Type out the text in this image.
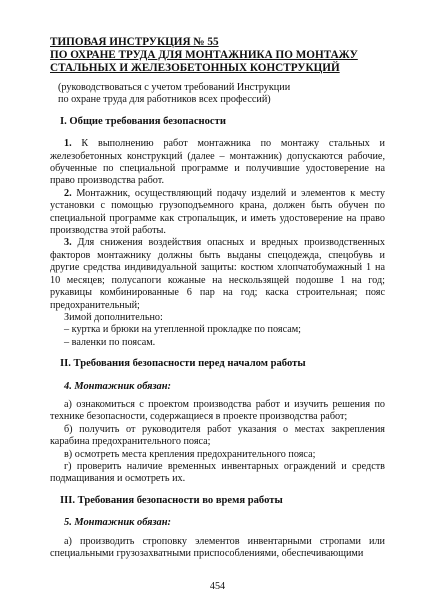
ТИПОВАЯ ИНСТРУКЦИЯ № 55
ПО ОХРАНЕ ТРУДА ДЛЯ МОНТАЖНИКА ПО МОНТАЖУ
СТАЛЬНЫХ И ЖЕЛЕЗОБЕТОННЫХ КОНСТРУКЦИЙ
(руководствоваться с учетом требований Инструкции
по охране труда для работников всех профессий)
I. Общие требования безопасности

1. К выполнению работ монтажника по монтажу стальных и железобетонных конструкций (далее – монтажник) допускаются рабочие, обученные по специальной программе и получившие удостоверение на право производства работ.

2. Монтажник, осуществляющий подачу изделий и элементов к месту установки с помощью грузоподъемного крана, должен быть обучен по специальной программе как стропальщик, и иметь удостоверение на право производства этой работы.

3. Для снижения воздействия опасных и вредных производственных факторов монтажнику должны быть выданы спецодежда, спецобувь и другие средства индивидуальной защиты: костюм хлопчатобумажный 1 на 10 месяцев; полусапоги кожаные на нескользящей подошве 1 на год; рукавицы комбинированные 6 пар на год; каска строительная; пояс предохранительный;

Зимой дополнительно:
– куртка и брюки на утепленной прокладке по поясам;
– валенки по поясам.
II. Требования безопасности перед началом работы
4. Монтажник обязан:

а) ознакомиться с проектом производства работ и изучить решения по технике безопасности, содержащиеся в проекте производства работ;

б) получить от руководителя работ указания о местах закрепления карабина предохранительного пояса;

в) осмотреть места крепления предохранительного пояса;

г) проверить наличие временных инвентарных ограждений и средств подмащивания и осмотреть их.

III. Требования безопасности во время работы
5. Монтажник обязан:

а) производить строповку элементов инвентарными стропами или специальными грузозахватными приспособлениями, обеспечивающими

454
